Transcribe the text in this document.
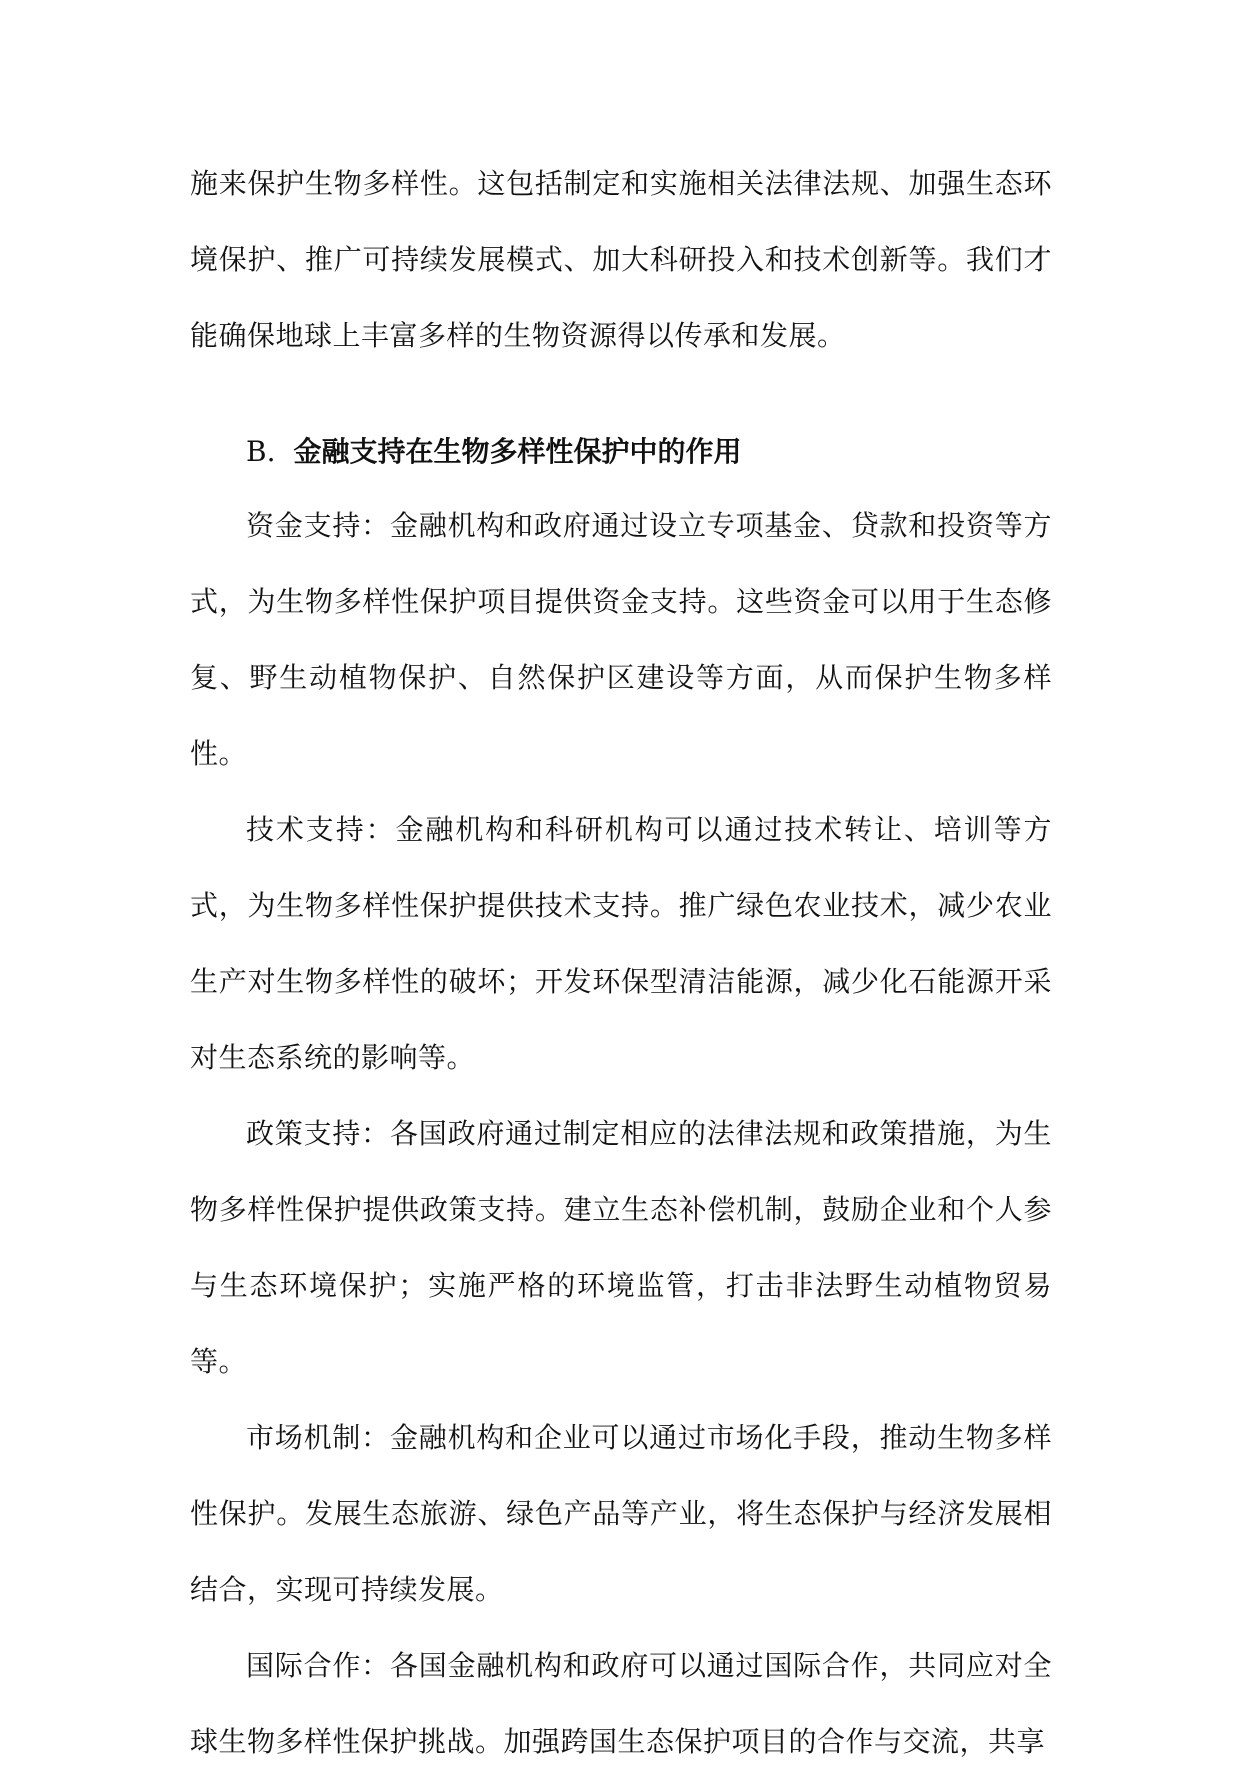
施来保护生物多样性。这包括制定和实施相关法律法规、加强生态环境保护、推广可持续发展模式、加大科研投入和技术创新等。我们才能确保地球上丰富多样的生物资源得以传承和发展。

B. 金融支持在生物多样性保护中的作用

资金支持：金融机构和政府通过设立专项基金、贷款和投资等方式，为生物多样性保护项目提供资金支持。这些资金可以用于生态修复、野生动植物保护、自然保护区建设等方面，从而保护生物多样性。

技术支持：金融机构和科研机构可以通过技术转让、培训等方式，为生物多样性保护提供技术支持。推广绿色农业技术，减少农业生产对生物多样性的破坏；开发环保型清洁能源，减少化石能源开采对生态系统的影响等。

政策支持：各国政府通过制定相应的法律法规和政策措施，为生物多样性保护提供政策支持。建立生态补偿机制，鼓励企业和个人参与生态环境保护；实施严格的环境监管，打击非法野生动植物贸易等。

市场机制：金融机构和企业可以通过市场化手段，推动生物多样性保护。发展生态旅游、绿色产品等产业，将生态保护与经济发展相结合，实现可持续发展。

国际合作：各国金融机构和政府可以通过国际合作，共同应对全球生物多样性保护挑战。加强跨国生态保护项目的合作与交流，共享
